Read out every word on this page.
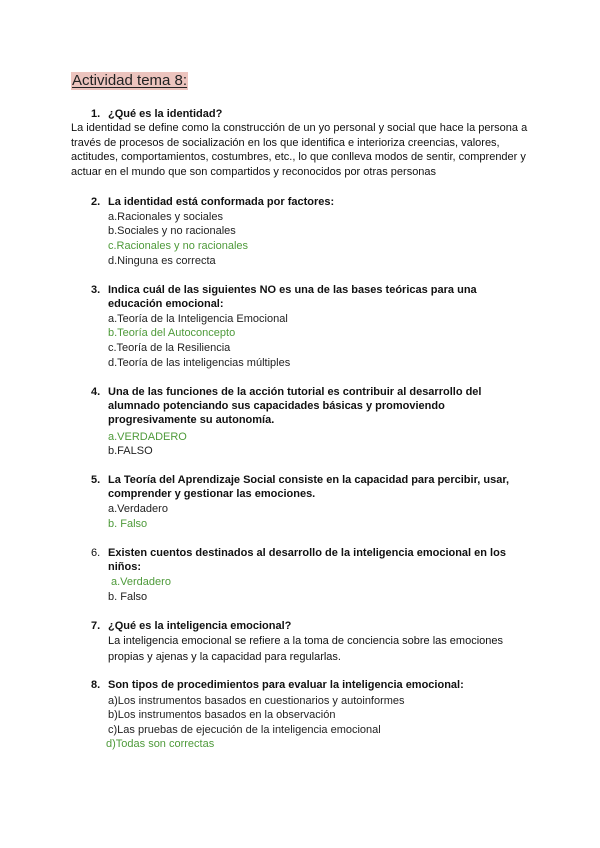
Actividad tema 8:
1. ¿Qué es la identidad?
La identidad se define como la construcción de un yo personal y social que hace la persona a través de procesos de socialización en los que identifica e interioriza creencias, valores, actitudes, comportamientos, costumbres, etc., lo que conlleva modos de sentir, comprender y actuar en el mundo que son compartidos y reconocidos por otras personas
2. La identidad está conformada por factores:
a.Racionales y sociales
b.Sociales y no racionales
c.Racionales y no racionales
d.Ninguna es correcta
3. Indica cuál de las siguientes NO es una de las bases teóricas para una educación emocional:
a.Teoría de la Inteligencia Emocional
b.Teoría del Autoconcepto
c.Teoría de la Resiliencia
d.Teoría de las inteligencias múltiples
4. Una de las funciones de la acción tutorial es contribuir al desarrollo del alumnado potenciando sus capacidades básicas y promoviendo progresivamente su autonomía.
a.VERDADERO
b.FALSO
5. La Teoría del Aprendizaje Social consiste en la capacidad para percibir, usar, comprender y gestionar las emociones.
a.Verdadero
b. Falso
6. Existen cuentos destinados al desarrollo de la inteligencia emocional en los niños:
a.Verdadero
b. Falso
7. ¿Qué es la inteligencia emocional?
La inteligencia emocional se refiere a la toma de conciencia sobre las emociones propias y ajenas y la capacidad para regularlas.
8. Son tipos de procedimientos para evaluar la inteligencia emocional:
a)Los instrumentos basados en cuestionarios y autoinformes
b)Los instrumentos basados en la observación
c)Las pruebas de ejecución de la inteligencia emocional
d)Todas son correctas
